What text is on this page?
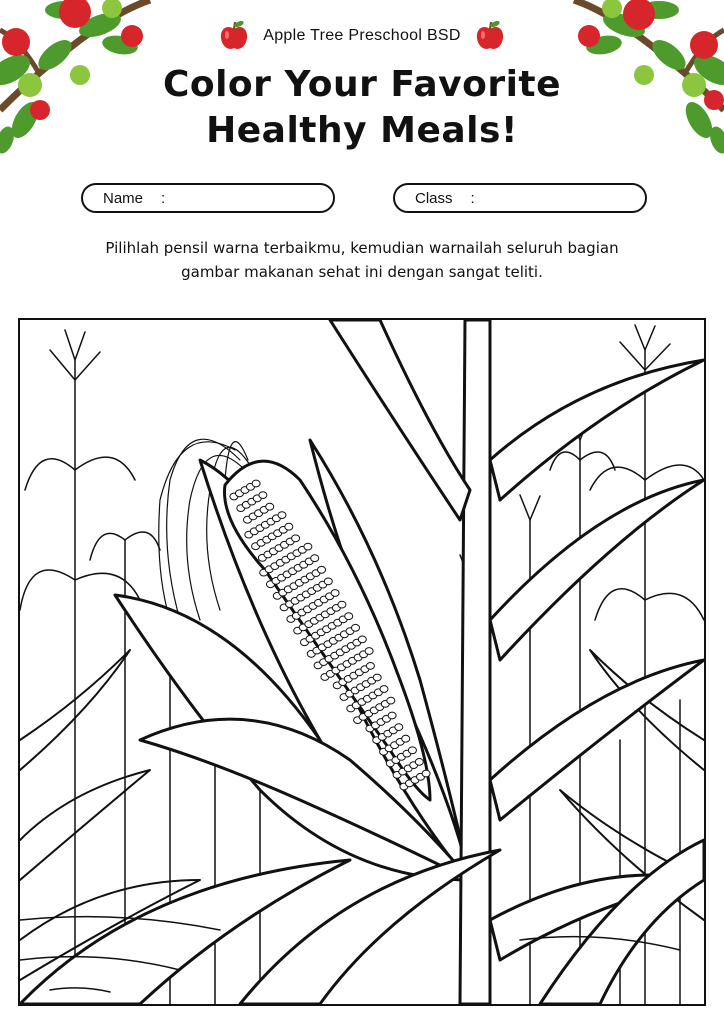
Apple Tree Preschool BSD
Color Your Favorite
Healthy Meals!
Name :	Class :
Pilihlah pensil warna terbaikmu, kemudian warnailah seluruh bagian
gambar makanan sehat ini dengan sangat teliti.
